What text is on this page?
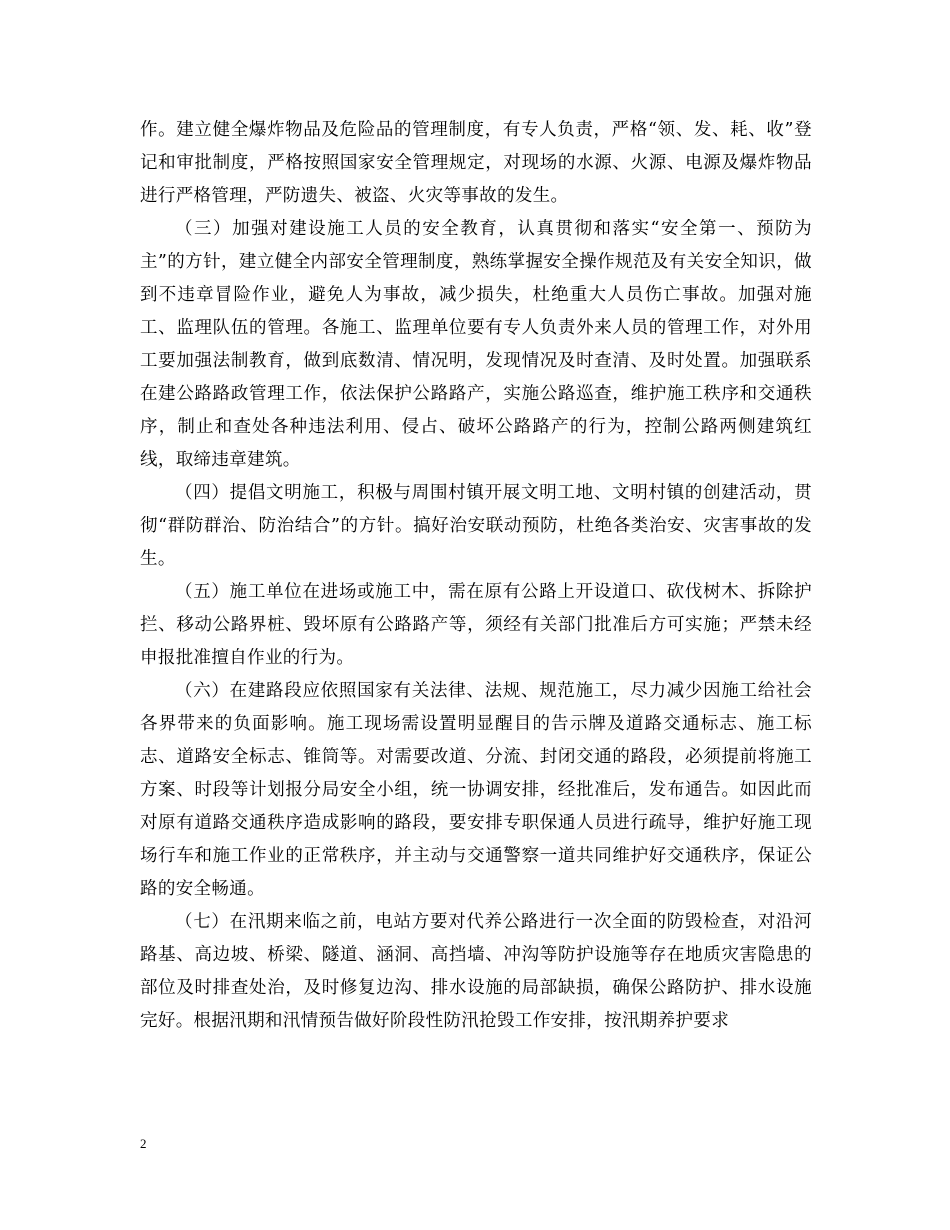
作。建立健全爆炸物品及危险品的管理制度，有专人负责，严格“领、发、耗、收”登记和审批制度，严格按照国家安全管理规定，对现场的水源、火源、电源及爆炸物品进行严格管理，严防遗失、被盗、火灾等事故的发生。

（三）加强对建设施工人员的安全教育，认真贯彻和落实“安全第一、预防为主”的方针，建立健全内部安全管理制度，熟练掌握安全操作规范及有关安全知识，做到不违章冒险作业，避免人为事故，减少损失，杜绝重大人员伤亡事故。加强对施工、监理队伍的管理。各施工、监理单位要有专人负责外来人员的管理工作，对外用工要加强法制教育，做到底数清、情况明，发现情况及时查清、及时处置。加强联系在建公路路政管理工作，依法保护公路路产，实施公路巡查，维护施工秩序和交通秩序，制止和查处各种违法利用、侵占、破坏公路路产的行为，控制公路两侧建筑红线，取缔违章建筑。

（四）提倡文明施工，积极与周围村镇开展文明工地、文明村镇的创建活动，贯彻“群防群治、防治结合”的方针。搞好治安联动预防，杜绝各类治安、灾害事故的发生。

（五）施工单位在进场或施工中，需在原有公路上开设道口、砍伐树木、拆除护拦、移动公路界桩、毁坏原有公路路产等，须经有关部门批准后方可实施；严禁未经申报批准擅自作业的行为。

（六）在建路段应依照国家有关法律、法规、规范施工，尽力减少因施工给社会各界带来的负面影响。施工现场需设置明显醒目的告示牌及道路交通标志、施工标志、道路安全标志、锥筒等。对需要改道、分流、封闭交通的路段，必须提前将施工方案、时段等计划报分局安全小组，统一协调安排，经批准后，发布通告。如因此而对原有道路交通秩序造成影响的路段，要安排专职保通人员进行疏导，维护好施工现场行车和施工作业的正常秩序，并主动与交通警察一道共同维护好交通秩序，保证公路的安全畅通。

（七）在汛期来临之前，电站方要对代养公路进行一次全面的防毁检查，对沿河路基、高边坡、桥梁、隧道、涵洞、高挡墙、冲沟等防护设施等存在地质灾害隐患的部位及时排查处治，及时修复边沟、排水设施的局部缺损，确保公路防护、排水设施完好。根据汛期和汛情预告做好阶段性防汛抢毁工作安排，按汛期养护要求

2
